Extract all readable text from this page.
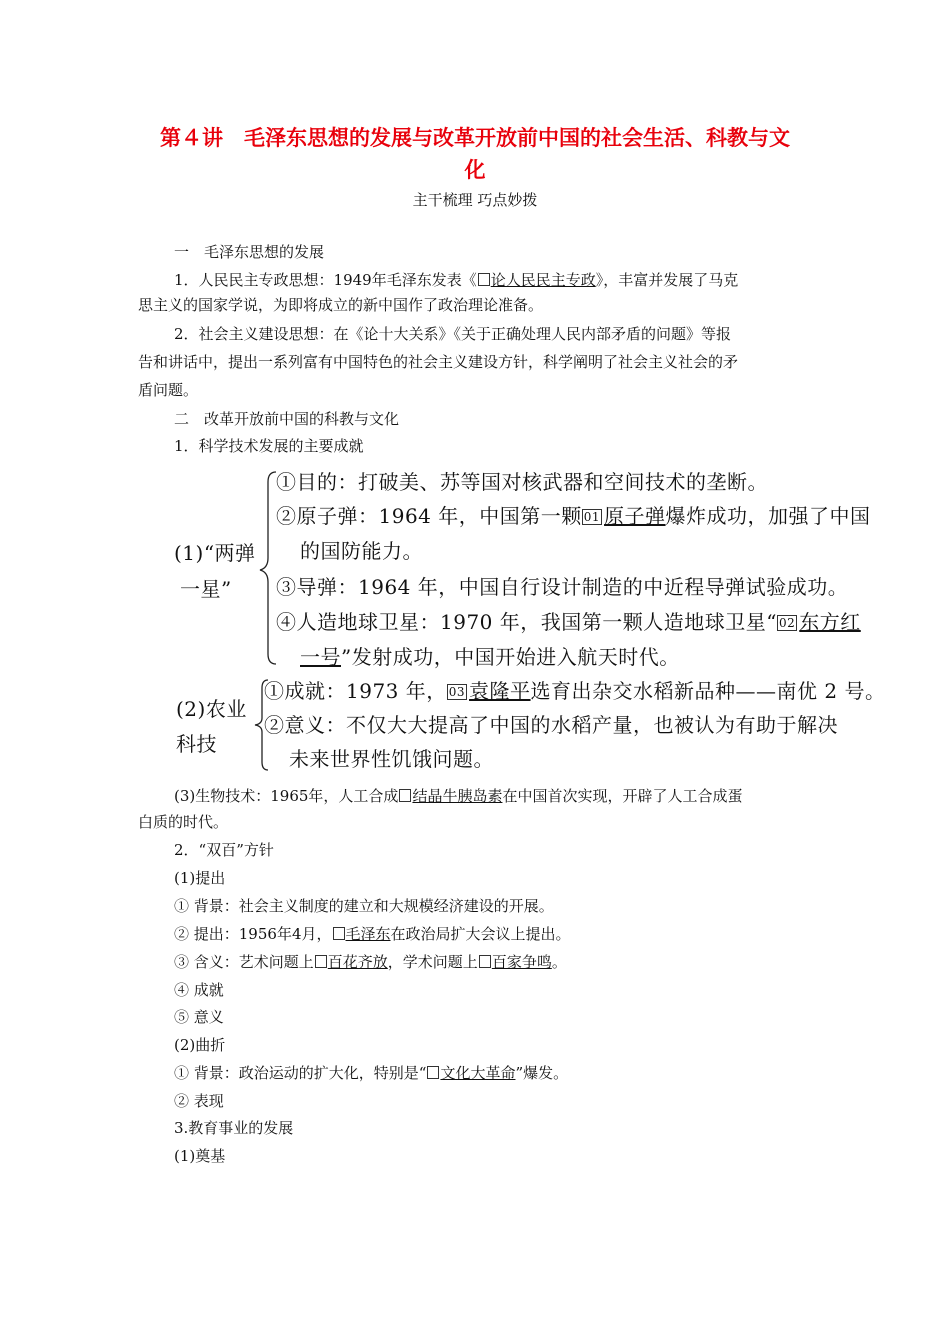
第４讲　毛泽东思想的发展与改革开放前中国的社会生活、科教与文
化
主干梳理 巧点妙拨
一　毛泽东思想的发展
1．人民民主专政思想：1949年毛泽东发表《 论人民民主专政》，丰富并发展了马克
思主义的国家学说，为即将成立的新中国作了政治理论准备。
2．社会主义建设思想：在《论十大关系》《关于正确处理人民内部矛盾的问题》等报
告和讲话中，提出一系列富有中国特色的社会主义建设方针，科学阐明了社会主义社会的矛
盾问题。
二　改革开放前中国的科教与文化
1．科学技术发展的主要成就
(1)“两弹
一星”
①目的：打破美、苏等国对核武器和空间技术的垄断。
②原子弹：1964 年，中国第一颗 01 原子弹爆炸成功，加强了中国
的国防能力。
③导弹：1964 年，中国自行设计制造的中近程导弹试验成功。
④人造地球卫星：1970 年，我国第一颗人造地球卫星“ 02 东方红
一号”发射成功，中国开始进入航天时代。
(2)农业
科技
①成就：1973 年， 03 袁隆平选育出杂交水稻新品种——南优 2 号。
②意义：不仅大大提高了中国的水稻产量，也被认为有助于解决
未来世界性饥饿问题。
(3)生物技术：1965年，人工合成 结晶牛胰岛素在中国首次实现，开辟了人工合成蛋
白质的时代。
2．“双百”方针
(1)提出
① 背景：社会主义制度的建立和大规模经济建设的开展。
② 提出：1956年4月， 毛泽东在政治局扩大会议上提出。
③ 含义：艺术问题上 百花齐放，学术问题上 百家争鸣。
④ 成就
⑤ 意义
(2)曲折
① 背景：政治运动的扩大化，特别是“ 文化大革命”爆发。
② 表现
3.教育事业的发展
(1)奠基
